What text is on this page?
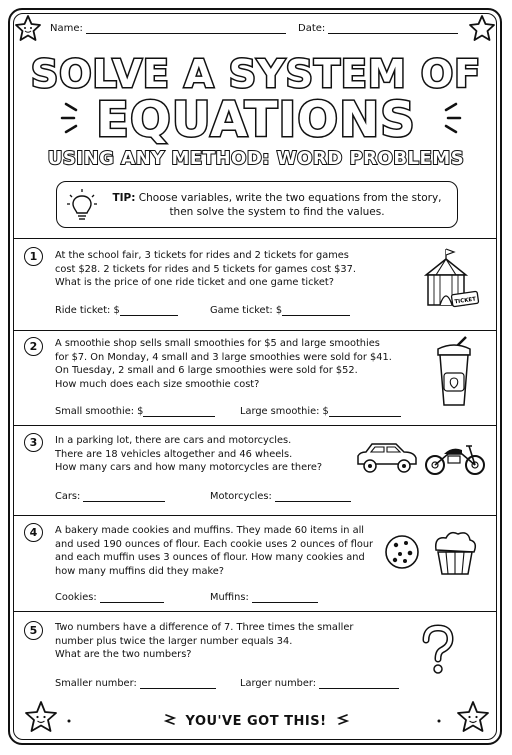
Name:	Date:
SOLVE A SYSTEM OF
EQUATIONS
USING ANY METHOD: WORD PROBLEMS
TIP: Choose variables, write the two equations from the story,
then solve the system to find the values.
1	At the school fair, 3 tickets for rides and 2 tickets for games
cost $28. 2 tickets for rides and 5 tickets for games cost $37.
What is the price of one ride ticket and one game ticket?
Ride ticket: $	Game ticket: $
TICKET
2	A smoothie shop sells small smoothies for $5 and large smoothies
for $7. On Monday, 4 small and 3 large smoothies were sold for $41.
On Tuesday, 2 small and 6 large smoothies were sold for $52.
How much does each size smoothie cost?
Small smoothie: $	Large smoothie: $
3	In a parking lot, there are cars and motorcycles.
There are 18 vehicles altogether and 46 wheels.
How many cars and how many motorcycles are there?
Cars:	Motorcycles:
4	A bakery made cookies and muffins. They made 60 items in all
and used 190 ounces of flour. Each cookie uses 2 ounces of flour
and each muffin uses 3 ounces of flour. How many cookies and
how many muffins did they make?
Cookies:	Muffins:
5	Two numbers have a difference of 7. Three times the smaller
number plus twice the larger number equals 34.
What are the two numbers?
Smaller number:	Larger number:
YOU'VE GOT THIS!
